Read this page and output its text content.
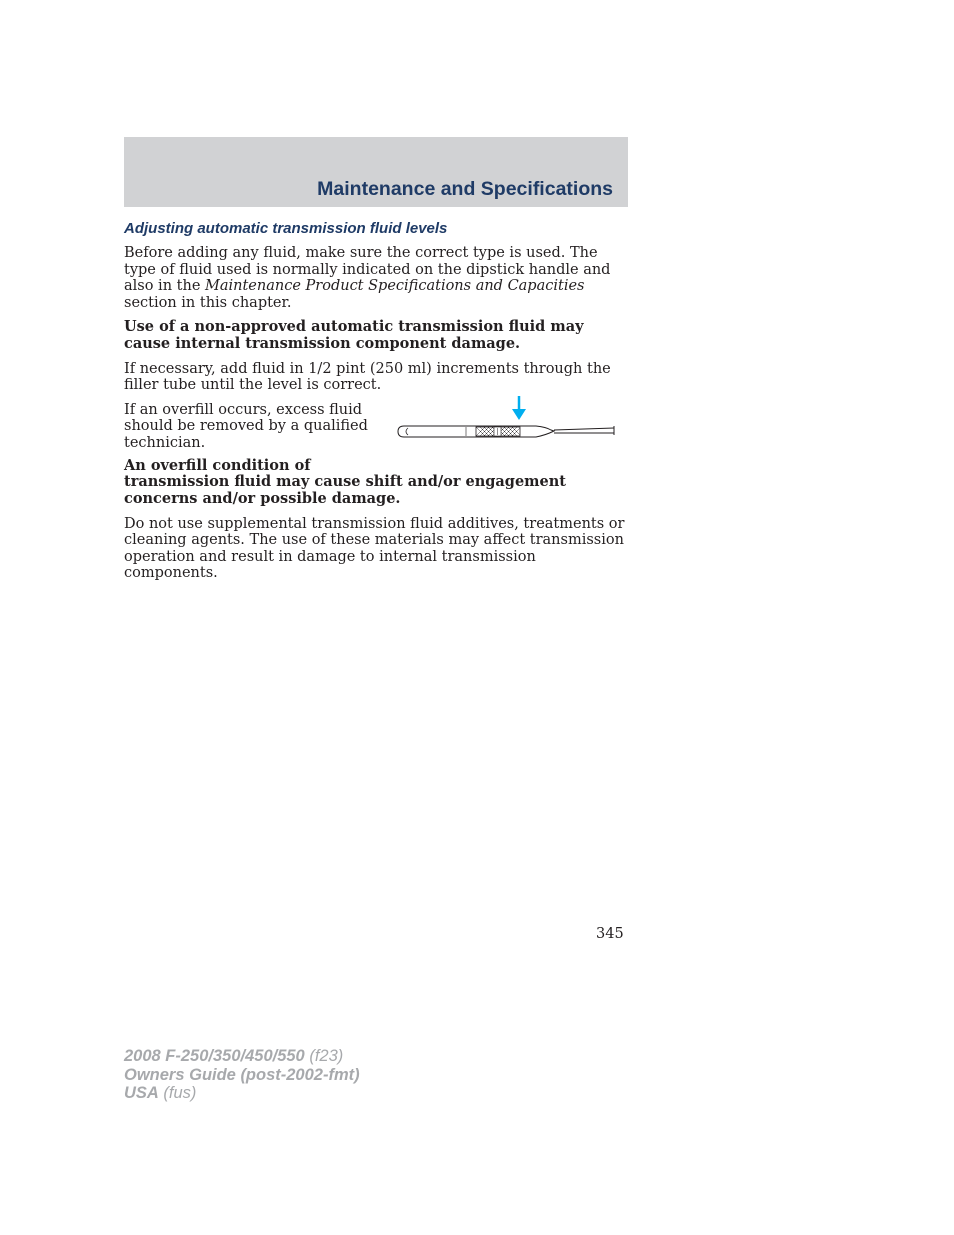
Maintenance and Specifications
Adjusting automatic transmission fluid levels

Before adding any fluid, make sure the correct type is used. The type of fluid used is normally indicated on the dipstick handle and also in the Maintenance Product Specifications and Capacities section in this chapter.

Use of a non-approved automatic transmission fluid may cause internal transmission component damage.

If necessary, add fluid in 1/2 pint (250 ml) increments through the filler tube until the level is correct.

If an overfill occurs, excess fluid should be removed by a qualified technician.

An overfill condition of
transmission fluid may cause shift and/or engagement concerns and/or possible damage.

Do not use supplemental transmission fluid additives, treatments or cleaning agents. The use of these materials may affect transmission operation and result in damage to internal transmission components.

345
2008 F-250/350/450/550 (f23)
Owners Guide (post-2002-fmt)
USA (fus)
